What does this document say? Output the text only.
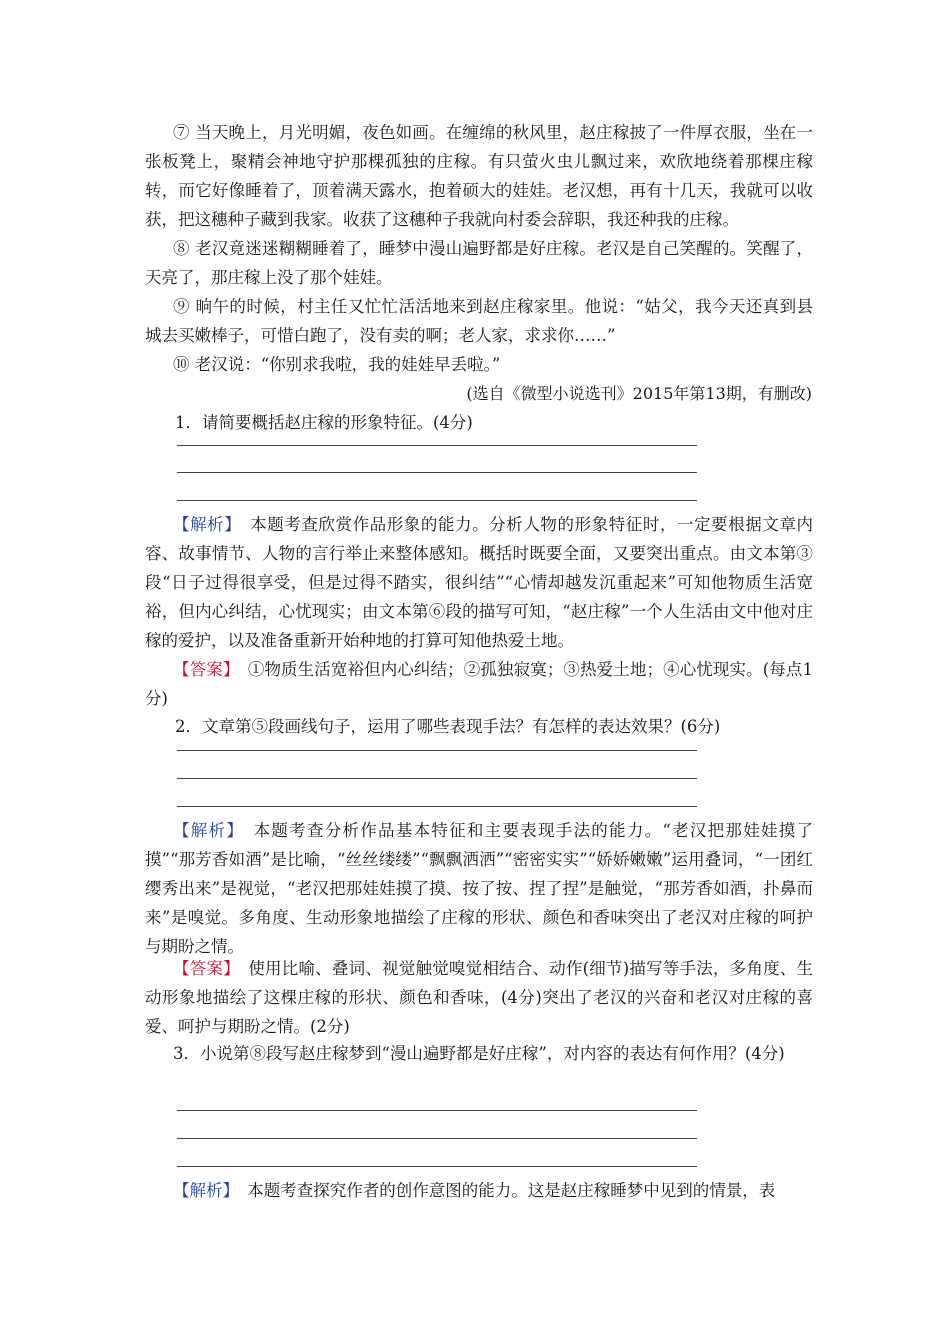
⑦ 当天晚上，月光明媚，夜色如画。在缠绵的秋风里，赵庄稼披了一件厚衣服，坐在一张板凳上，聚精会神地守护那棵孤独的庄稼。有只萤火虫儿飘过来，欢欣地绕着那棵庄稼转，而它好像睡着了，顶着满天露水，抱着硕大的娃娃。老汉想，再有十几天，我就可以收获，把这穗种子藏到我家。收获了这穗种子我就向村委会辞职，我还种我的庄稼。

⑧ 老汉竟迷迷糊糊睡着了，睡梦中漫山遍野都是好庄稼。老汉是自己笑醒的。笑醒了，天亮了，那庄稼上没了那个娃娃。

⑨ 晌午的时候，村主任又忙忙活活地来到赵庄稼家里。他说：“姑父，我今天还真到县城去买嫩棒子，可惜白跑了，没有卖的啊；老人家，求求你……”

⑩ 老汉说：“你别求我啦，我的娃娃早丢啦。”

(选自《微型小说选刊》2015年第13期，有删改)
1．请简要概括赵庄稼的形象特征。(4分)

【解析】　 本题考查欣赏作品形象的能力。分析人物的形象特征时，一定要根据文章内容、故事情节、人物的言行举止来整体感知。概括时既要全面，又要突出重点。由文本第③段“日子过得很享受，但是过得不踏实，很纠结”“心情却越发沉重起来”可知他物质生活宽裕，但内心纠结，心忧现实；由文本第⑥段的描写可知，“赵庄稼”一个人生活由文中他对庄稼的爱护，以及准备重新开始种地的打算可知他热爱土地。

【答案】　 ①物质生活宽裕但内心纠结；②孤独寂寞；③热爱土地；④心忧现实。(每点1分)

2．文章第⑤段画线句子，运用了哪些表现手法？有怎样的表达效果？(6分)

【解析】　 本题考查分析作品基本特征和主要表现手法的能力。“老汉把那娃娃摸了摸”“那芳香如酒”是比喻，“丝丝缕缕”“飘飘洒洒”“密密实实”“娇娇嫩嫩”运用叠词，“一团红缨秀出来”是视觉，“老汉把那娃娃摸了摸、按了按、捏了捏”是触觉，“那芳香如酒，扑鼻而来”是嗅觉。多角度、生动形象地描绘了庄稼的形状、颜色和香味突出了老汉对庄稼的呵护与期盼之情。

【答案】　 使用比喻、叠词、视觉触觉嗅觉相结合、动作(细节)描写等手法，多角度、生动形象地描绘了这棵庄稼的形状、颜色和香味，(4分)突出了老汉的兴奋和老汉对庄稼的喜爱、呵护与期盼之情。(2分)

3．小说第⑧段写赵庄稼梦到“漫山遍野都是好庄稼”，对内容的表达有何作用？(4分)

【解析】　 本题考查探究作者的创作意图的能力。这是赵庄稼睡梦中见到的情景，表
